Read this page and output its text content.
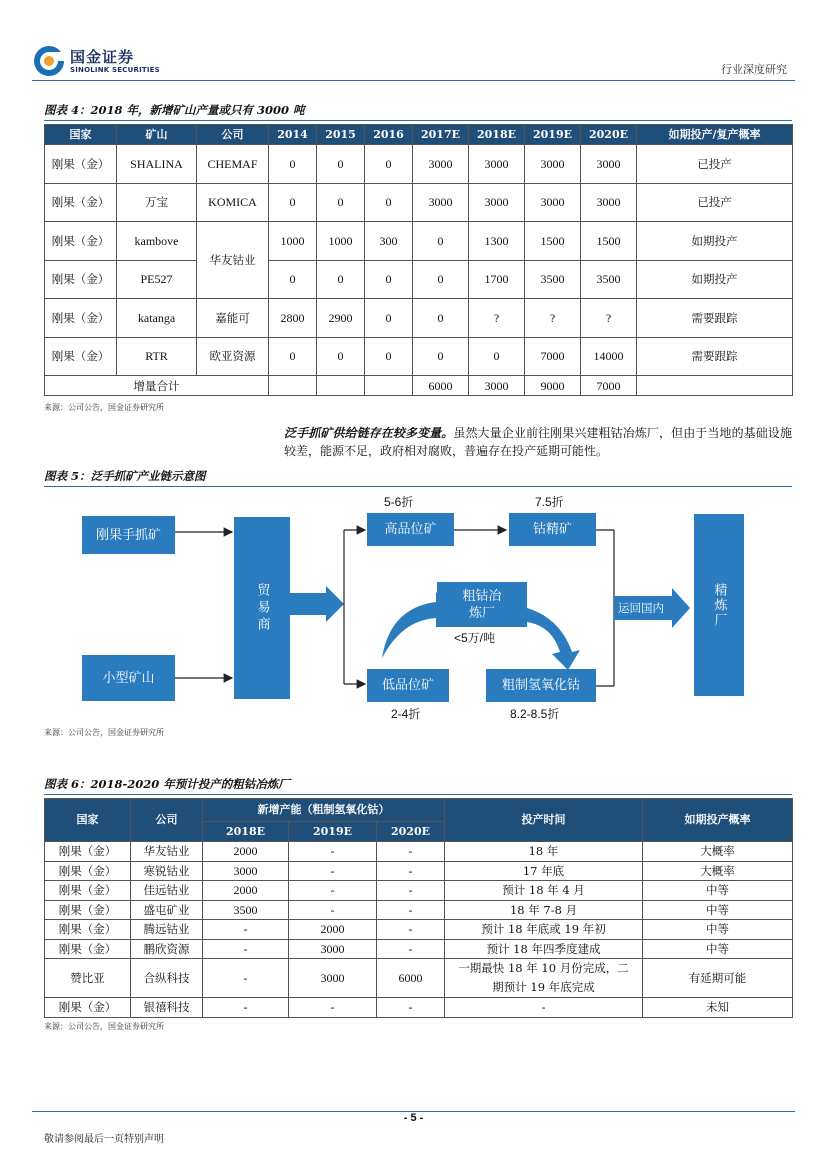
国金证券
SINOLINK SECURITIES	行业深度研究
图表 4：2018 年，新增矿山产量或只有 3000 吨
国家	矿山	公司	2014	2015	2016	2017E	2018E	2019E	2020E	如期投产/复产概率
刚果（金）	SHALINA	CHEMAF	0	0	0	3000	3000	3000	3000	已投产
刚果（金）	万宝	KOMICA	0	0	0	3000	3000	3000	3000	已投产
刚果（金）	kambove	华友钴业	1000	1000	300	0	1300	1500	1500	如期投产
刚果（金）	PE527		0	0	0	0	1700	3500	3500	如期投产
刚果（金）	katanga	嘉能可	2800	2900	0	0	?	?	?	需要跟踪
刚果（金）	RTR	欧亚资源	0	0	0	0	0	7000	14000	需要跟踪
增量合计						6000	3000	9000	7000	
来源：公司公告，国金证券研究所
泛手抓矿供给链存在较多变量。虽然大量企业前往刚果兴建粗钴冶炼厂，但由于当地的基础设施较差，能源不足，政府相对腐败，普遍存在投产延期可能性。
图表 5：泛手抓矿产业链示意图
刚果手抓矿
小型矿山
贸易商
高品位矿	钴精矿
粗钴冶炼厂
低品位矿	粗制氢氧化钴
精炼厂
5-6折	7.5折
<5万/吨
2-4折	8.2-8.5折
运回国内
来源：公司公告，国金证券研究所
图表 6：2018-2020 年预计投产的粗钴冶炼厂
国家	公司	新增产能（粗制氢氧化钴）			投产时间	如期投产概率
		2018E	2019E	2020E		
刚果（金）	华友钴业	2000	-	-	18 年	大概率
刚果（金）	寒锐钴业	3000	-	-	17 年底	大概率
刚果（金）	佳远钴业	2000	-	-	预计 18 年 4 月	中等
刚果（金）	盛屯矿业	3500	-	-	18 年 7-8 月	中等
刚果（金）	腾远钴业	-	2000	-	预计 18 年底或 19 年初	中等
刚果（金）	鹏欣资源	-	3000	-	预计 18 年四季度建成	中等
赞比亚	合纵科技	-	3000	6000	一期最快 18 年 10 月份完成，二期预计 19 年底完成	有延期可能
刚果（金）	银禧科技	-	-	-	-	未知
来源：公司公告，国金证券研究所
- 5 -
敬请参阅最后一页特别声明
